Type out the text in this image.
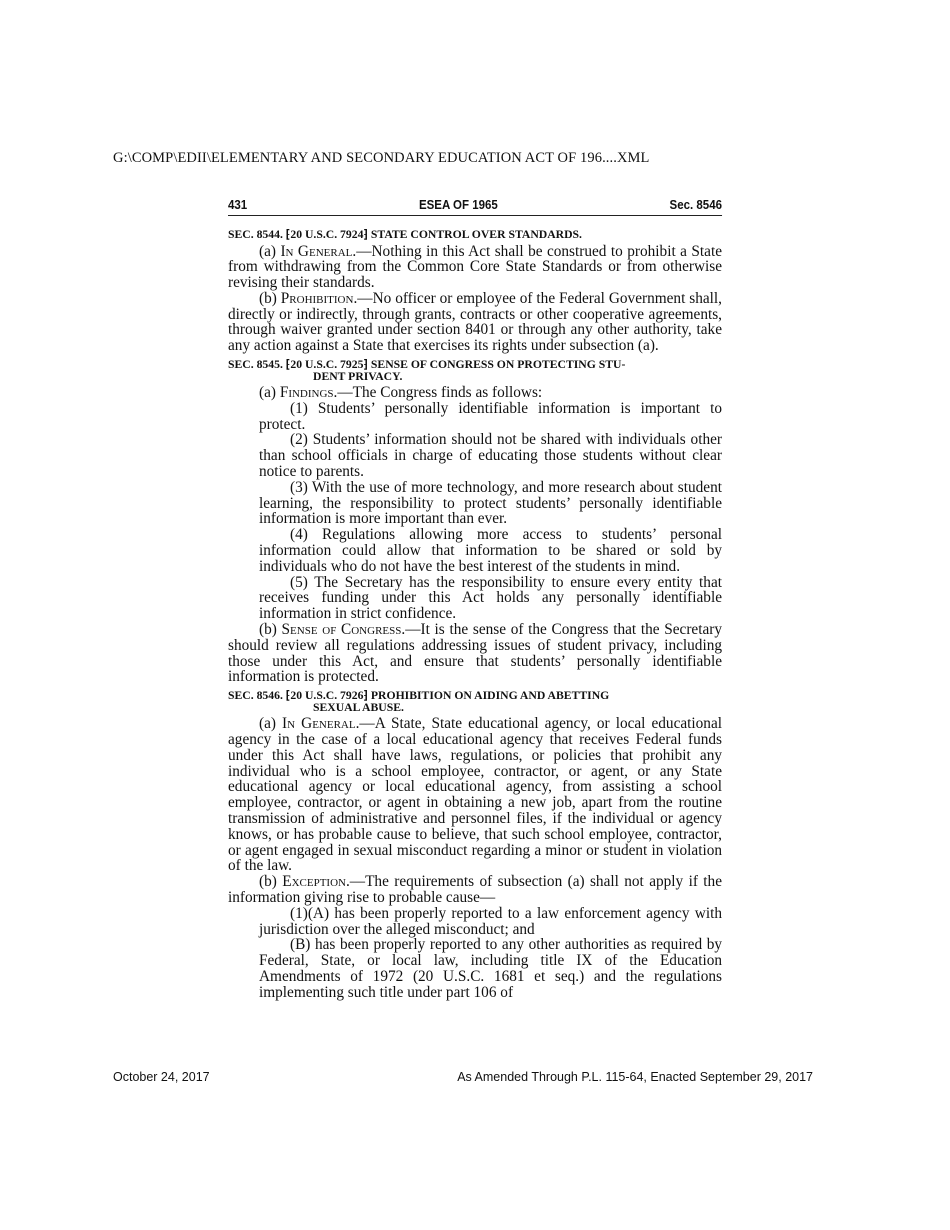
G:\COMP\EDII\ELEMENTARY AND SECONDARY EDUCATION ACT OF 196....XML
431	ESEA OF 1965	Sec. 8546
SEC. 8544. ⁅20 U.S.C. 7924⁆ STATE CONTROL OVER STANDARDS.

(a) In General.—Nothing in this Act shall be construed to prohibit a State from withdrawing from the Common Core State Standards or from otherwise revising their standards.

(b) Prohibition.—No officer or employee of the Federal Government shall, directly or indirectly, through grants, contracts or other cooperative agreements, through waiver granted under section 8401 or through any other authority, take any action against a State that exercises its rights under subsection (a).

SEC. 8545. ⁅20 U.S.C. 7925⁆ SENSE OF CONGRESS ON PROTECTING STU-
DENT PRIVACY.

(a) Findings.—The Congress finds as follows:

(1) Students’ personally identifiable information is important to protect.

(2) Students’ information should not be shared with individuals other than school officials in charge of educating those students without clear notice to parents.

(3) With the use of more technology, and more research about student learning, the responsibility to protect students’ personally identifiable information is more important than ever.

(4) Regulations allowing more access to students’ personal information could allow that information to be shared or sold by individuals who do not have the best interest of the students in mind.

(5) The Secretary has the responsibility to ensure every entity that receives funding under this Act holds any personally identifiable information in strict confidence.

(b) Sense of Congress.—It is the sense of the Congress that the Secretary should review all regulations addressing issues of student privacy, including those under this Act, and ensure that students’ personally identifiable information is protected.

SEC. 8546. ⁅20 U.S.C. 7926⁆ PROHIBITION ON AIDING AND ABETTING
SEXUAL ABUSE.

(a) In General.—A State, State educational agency, or local educational agency in the case of a local educational agency that receives Federal funds under this Act shall have laws, regulations, or policies that prohibit any individual who is a school employee, contractor, or agent, or any State educational agency or local educational agency, from assisting a school employee, contractor, or agent in obtaining a new job, apart from the routine transmission of administrative and personnel files, if the individual or agency knows, or has probable cause to believe, that such school employee, contractor, or agent engaged in sexual misconduct regarding a minor or student in violation of the law.

(b) Exception.—The requirements of subsection (a) shall not apply if the information giving rise to probable cause—

(1)(A) has been properly reported to a law enforcement agency with jurisdiction over the alleged misconduct; and

(B) has been properly reported to any other authorities as required by Federal, State, or local law, including title IX of the Education Amendments of 1972 (20 U.S.C. 1681 et seq.) and the regulations implementing such title under part 106 of

October 24, 2017	As Amended Through P.L. 115-64, Enacted September 29, 2017
